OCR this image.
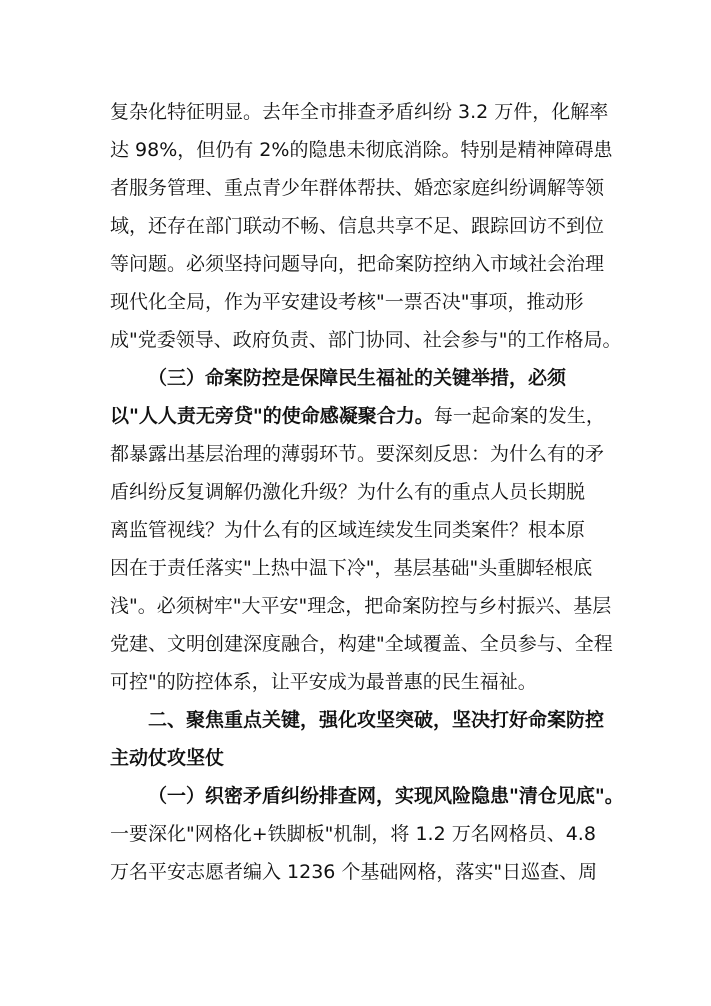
复杂化特征明显。去年全市排查矛盾纠纷 3.2 万件，化解率
达 98%，但仍有 2%的隐患未彻底消除。特别是精神障碍患
者服务管理、重点青少年群体帮扶、婚恋家庭纠纷调解等领
域，还存在部门联动不畅、信息共享不足、跟踪回访不到位
等问题。必须坚持问题导向，把命案防控纳入市域社会治理
现代化全局，作为平安建设考核"一票否决"事项，推动形
成"党委领导、政府负责、部门协同、社会参与"的工作格局。
（三）命案防控是保障民生福祉的关键举措，必须
以"人人责无旁贷"的使命感凝聚合力。每一起命案的发生，
都暴露出基层治理的薄弱环节。要深刻反思：为什么有的矛
盾纠纷反复调解仍激化升级？为什么有的重点人员长期脱
离监管视线？为什么有的区域连续发生同类案件？根本原
因在于责任落实"上热中温下冷"，基层基础"头重脚轻根底
浅"。必须树牢"大平安"理念，把命案防控与乡村振兴、基层
党建、文明创建深度融合，构建"全域覆盖、全员参与、全程
可控"的防控体系，让平安成为最普惠的民生福祉。
二、聚焦重点关键，强化攻坚突破，坚决打好命案防控
主动仗攻坚仗
（一）织密矛盾纠纷排查网，实现风险隐患"清仓见底"。
一要深化"网格化+铁脚板"机制，将 1.2 万名网格员、4.8
万名平安志愿者编入 1236 个基础网格，落实"日巡查、周
